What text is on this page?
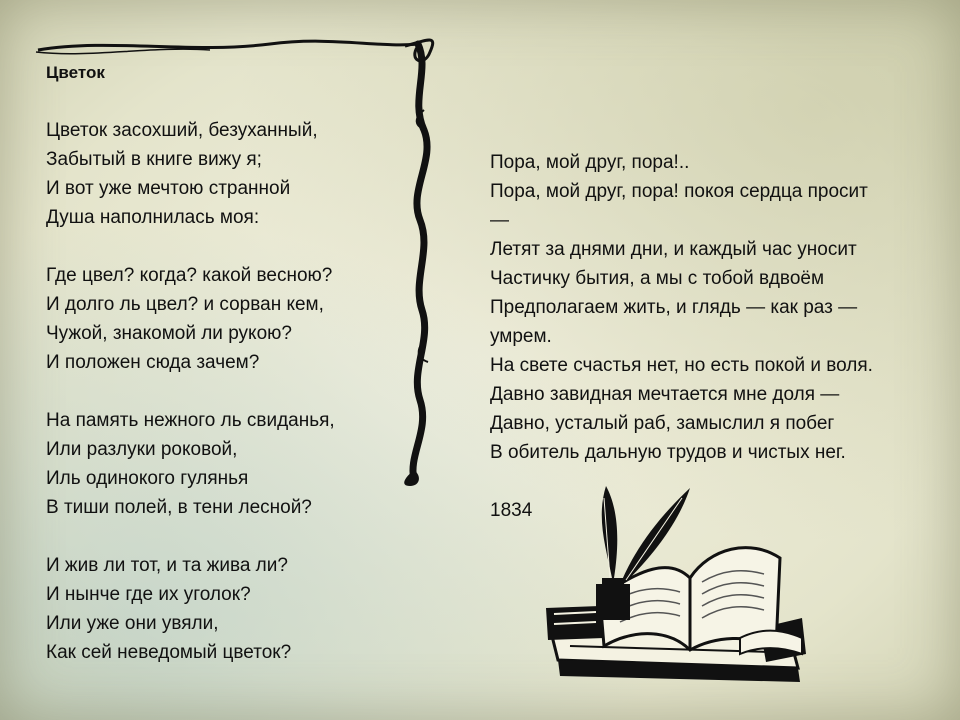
Цветок
Цветок засохший, безуханный,
Забытый в книге вижу я;
И вот уже мечтою странной
Душа наполнилась моя:
Где цвел? когда? какой весною?
И долго ль цвел? и сорван кем,
Чужой, знакомой ли рукою?
И положен сюда зачем?
На память нежного ль свиданья,
Или разлуки роковой,
Иль одинокого гулянья
В тиши полей, в тени лесной?
И жив ли тот, и та жива ли?
И нынче где их уголок?
Или уже они увяли,
Как сей неведомый цветок?
Пора, мой друг, пора!..
Пора, мой друг, пора! покоя сердца просит
—
Летят за днями дни, и каждый час уносит
Частичку бытия, а мы с тобой вдвоём
Предполагаем жить, и глядь — как раз —
умрем.
На свете счастья нет, но есть покой и воля.
Давно завидная мечтается мне доля —
Давно, усталый раб, замыслил я побег
В обитель дальную трудов и чистых нег.
1834
